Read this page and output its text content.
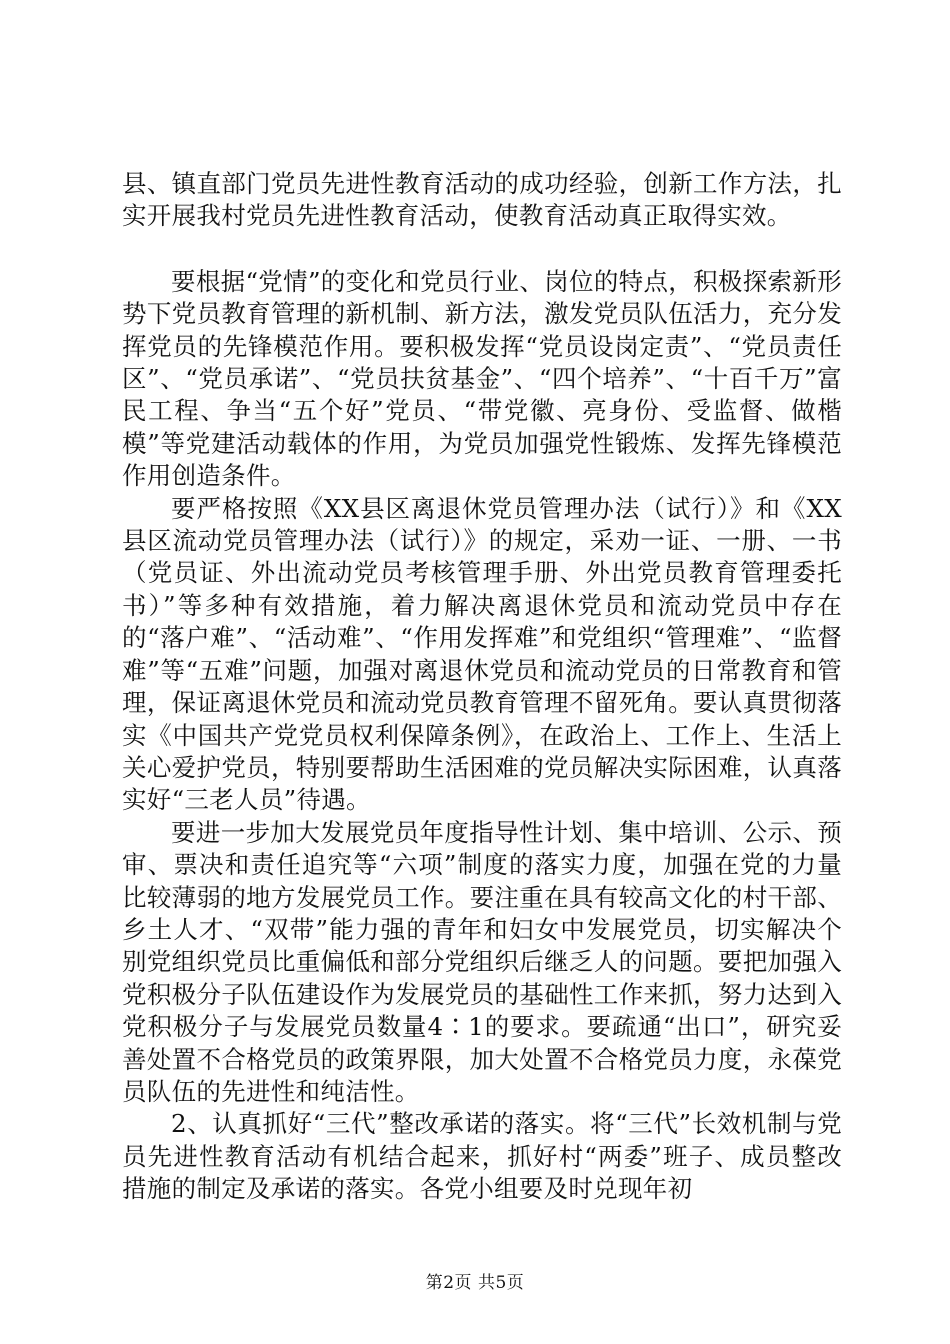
县、镇直部门党员先进性教育活动的成功经验，创新工作方法，扎实开展我村党员先进性教育活动，使教育活动真正取得实效。

要根据“党情”的变化和党员行业、岗位的特点，积极探索新形势下党员教育管理的新机制、新方法，激发党员队伍活力，充分发挥党员的先锋模范作用。要积极发挥“党员设岗定责”、“党员责任区”、“党员承诺”、“党员扶贫基金”、“四个培养”、“十百千万”富民工程、争当“五个好”党员、“带党徽、亮身份、受监督、做楷模”等党建活动载体的作用，为党员加强党性锻炼、发挥先锋模范作用创造条件。

要严格按照《XX县区离退休党员管理办法（试行）》和《XX县区流动党员管理办法（试行）》的规定，采劝一证、一册、一书（党员证、外出流动党员考核管理手册、外出党员教育管理委托书）”等多种有效措施，着力解决离退休党员和流动党员中存在的“落户难”、“活动难”、“作用发挥难”和党组织“管理难”、“监督难”等“五难”问题，加强对离退休党员和流动党员的日常教育和管理，保证离退休党员和流动党员教育管理不留死角。要认真贯彻落实《中国共产党党员权利保障条例》，在政治上、工作上、生活上关心爱护党员，特别要帮助生活困难的党员解决实际困难，认真落实好“三老人员”待遇。

要进一步加大发展党员年度指导性计划、集中培训、公示、预审、票决和责任追究等“六项”制度的落实力度，加强在党的力量比较薄弱的地方发展党员工作。要注重在具有较高文化的村干部、乡土人才、“双带”能力强的青年和妇女中发展党员，切实解决个别党组织党员比重偏低和部分党组织后继乏人的问题。要把加强入党积极分子队伍建设作为发展党员的基础性工作来抓，努力达到入党积极分子与发展党员数量4∶1的要求。要疏通“出口”，研究妥善处置不合格党员的政策界限，加大处置不合格党员力度，永葆党员队伍的先进性和纯洁性。

2、认真抓好“三代”整改承诺的落实。将“三代”长效机制与党员先进性教育活动有机结合起来，抓好村“两委”班子、成员整改措施的制定及承诺的落实。各党小组要及时兑现年初

第2页 共5页
